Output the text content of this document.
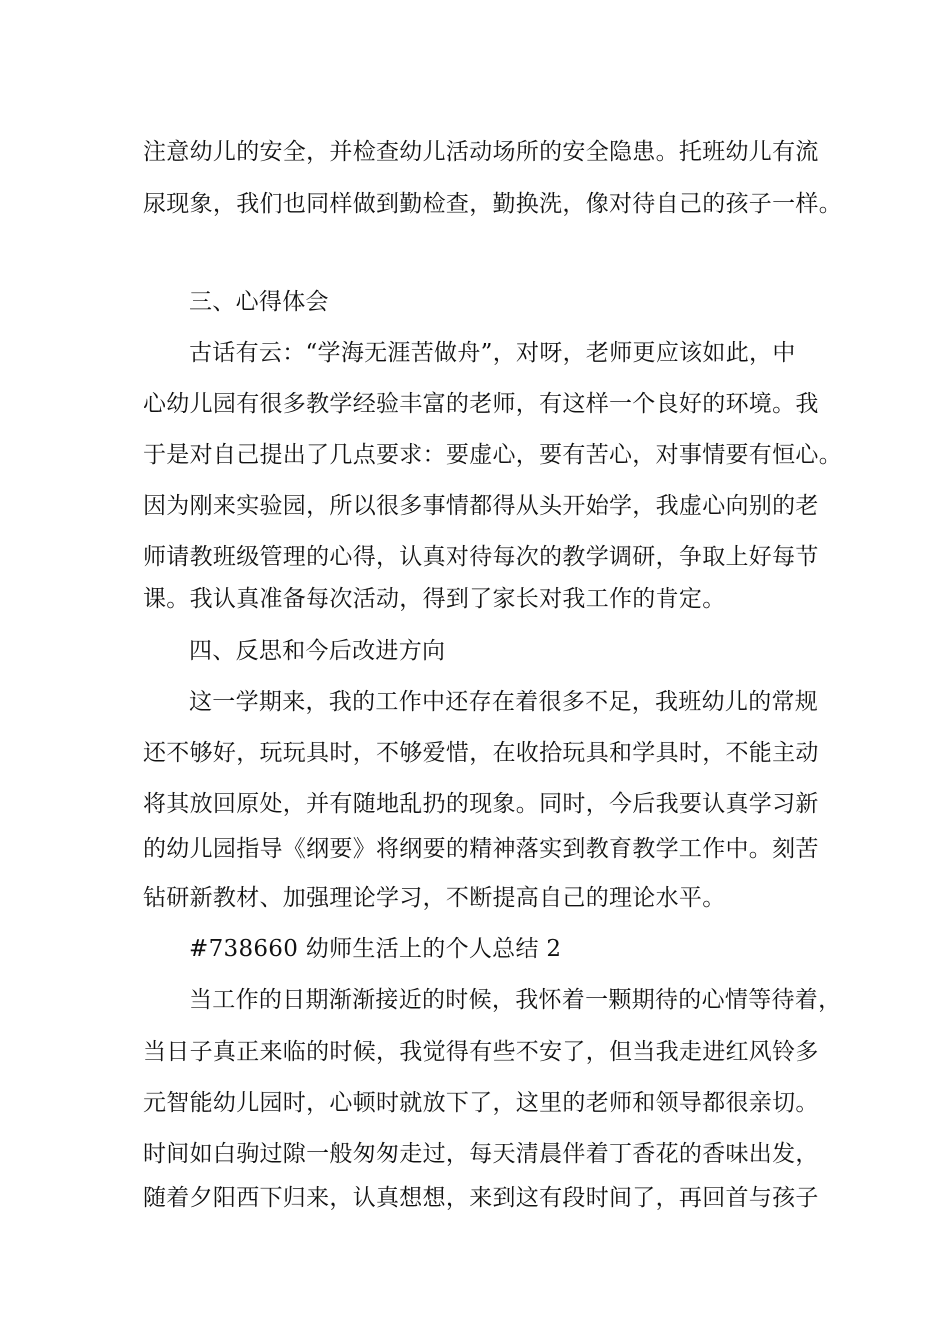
注意幼儿的安全，并检查幼儿活动场所的安全隐患。托班幼儿有流
尿现象，我们也同样做到勤检查，勤换洗，像对待自己的孩子一样。
三、心得体会
古话有云：“学海无涯苦做舟”，对呀，老师更应该如此，中
心幼儿园有很多教学经验丰富的老师，有这样一个良好的环境。我
于是对自己提出了几点要求：要虚心，要有苦心，对事情要有恒心。
因为刚来实验园，所以很多事情都得从头开始学，我虚心向别的老
师请教班级管理的心得，认真对待每次的教学调研，争取上好每节
课。我认真准备每次活动，得到了家长对我工作的肯定。
四、反思和今后改进方向
这一学期来，我的工作中还存在着很多不足，我班幼儿的常规
还不够好，玩玩具时，不够爱惜，在收拾玩具和学具时，不能主动
将其放回原处，并有随地乱扔的现象。同时，今后我要认真学习新
的幼儿园指导《纲要》将纲要的精神落实到教育教学工作中。刻苦
钻研新教材、加强理论学习，不断提高自己的理论水平。
#738660 幼师生活上的个人总结 2
当工作的日期渐渐接近的时候，我怀着一颗期待的心情等待着，
当日子真正来临的时候，我觉得有些不安了，但当我走进红风铃多
元智能幼儿园时，心顿时就放下了，这里的老师和领导都很亲切。
时间如白驹过隙一般匆匆走过，每天清晨伴着丁香花的香味出发，
随着夕阳西下归来，认真想想，来到这有段时间了，再回首与孩子
